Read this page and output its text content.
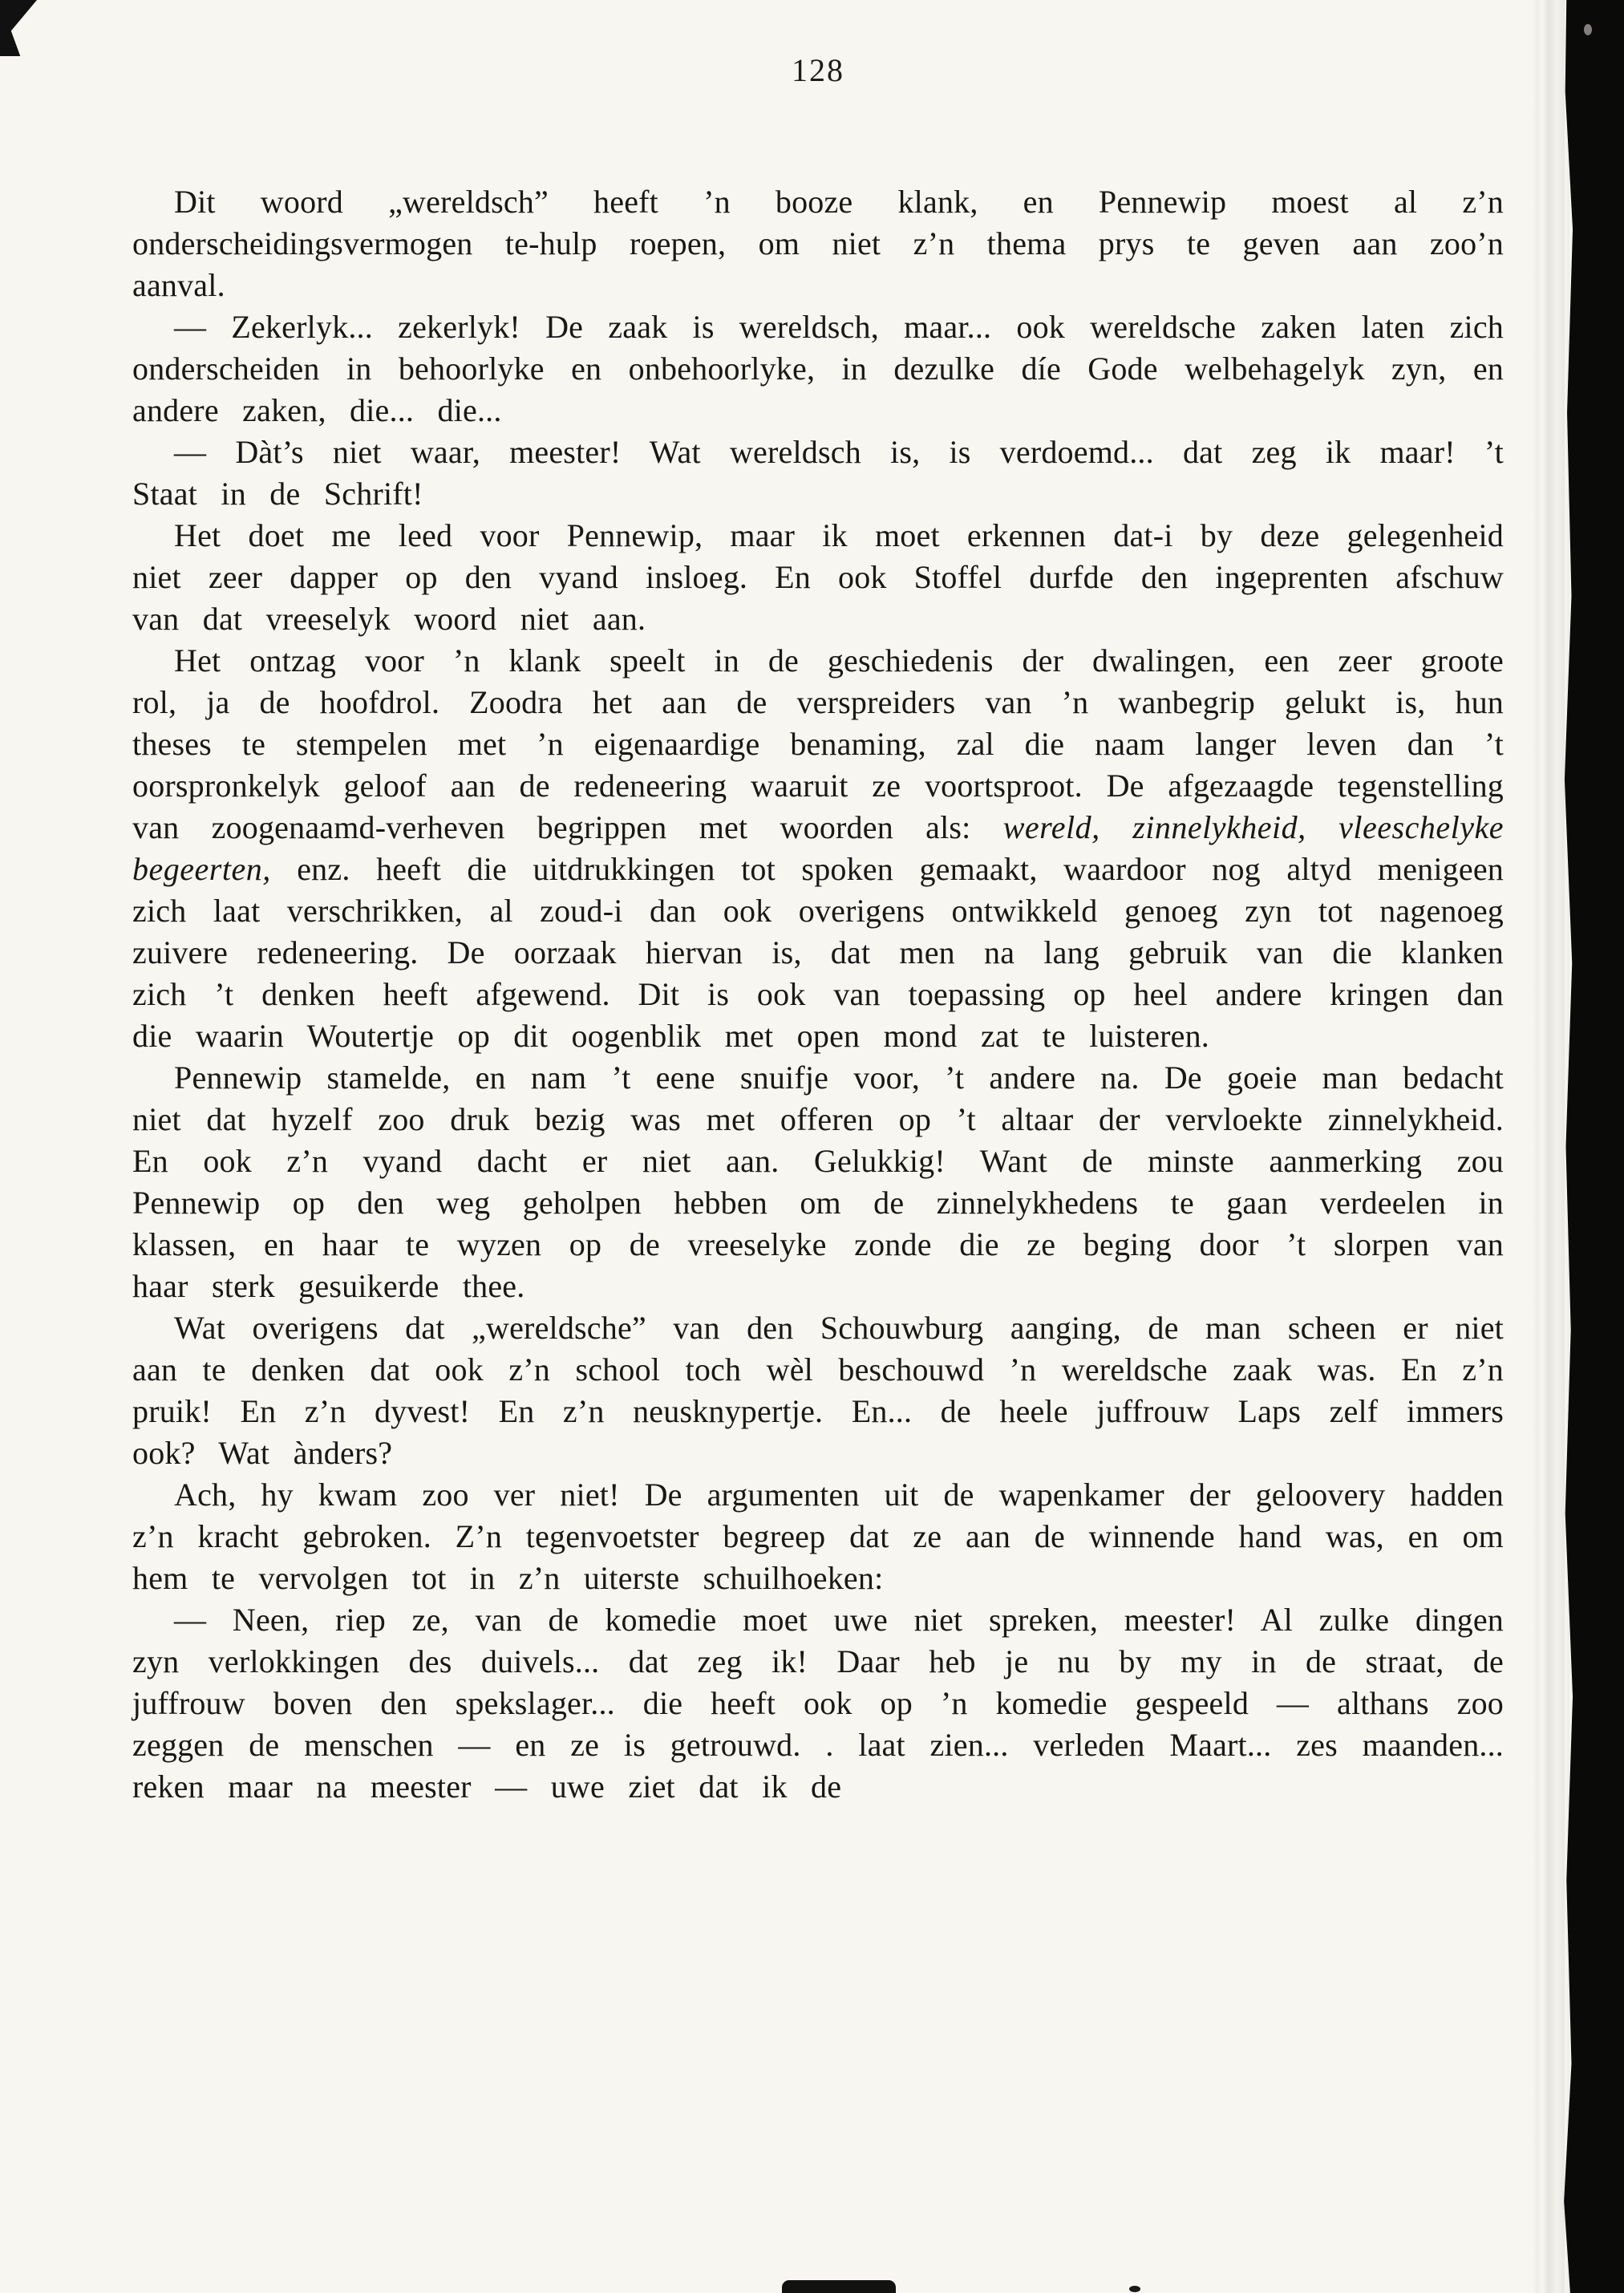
128

Dit woord „wereldsch” heeft ’n booze klank, en Pennewip moest al z’n onderscheidingsvermogen te-hulp roepen, om niet z’n thema prys te geven aan zoo’n aanval.

— Zekerlyk... zekerlyk! De zaak is wereldsch, maar... ook wereldsche zaken laten zich onderscheiden in behoorlyke en onbehoorlyke, in dezulke díe Gode welbehagelyk zyn, en andere zaken, die... die...

— Dàt’s niet waar, meester! Wat wereldsch is, is verdoemd... dat zeg ik maar! ’t Staat in de Schrift!

Het doet me leed voor Pennewip, maar ik moet erkennen dat-i by deze gelegenheid niet zeer dapper op den vyand insloeg. En ook Stoffel durfde den ingeprenten afschuw van dat vreeselyk woord niet aan.

Het ontzag voor ’n klank speelt in de geschiedenis der dwalingen, een zeer groote rol, ja de hoofdrol. Zoodra het aan de verspreiders van ’n wanbegrip gelukt is, hun theses te stempelen met ’n eigenaardige benaming, zal die naam langer leven dan ’t oorspronkelyk geloof aan de redeneering waaruit ze voortsproot. De afgezaagde tegenstelling van zoogenaamd-verheven begrippen met woorden als: wereld, zinnelykheid, vleeschelyke begeerten, enz. heeft die uitdrukkingen tot spoken gemaakt, waardoor nog altyd menigeen zich laat verschrikken, al zoud-i dan ook overigens ontwikkeld genoeg zyn tot nagenoeg zuivere redeneering. De oorzaak hiervan is, dat men na lang gebruik van die klanken zich ’t denken heeft afgewend. Dit is ook van toepassing op heel andere kringen dan die waarin Woutertje op dit oogenblik met open mond zat te luisteren.

Pennewip stamelde, en nam ’t eene snuifje voor, ’t andere na. De goeie man bedacht niet dat hyzelf zoo druk bezig was met offeren op ’t altaar der vervloekte zinnelykheid. En ook z’n vyand dacht er niet aan. Gelukkig! Want de minste aanmerking zou Pennewip op den weg geholpen hebben om de zinnelykhedens te gaan verdeelen in klassen, en haar te wyzen op de vreeselyke zonde die ze beging door ’t slorpen van haar sterk gesuikerde thee.

Wat overigens dat „wereldsche” van den Schouwburg aanging, de man scheen er niet aan te denken dat ook z’n school toch wèl beschouwd ’n wereldsche zaak was. En z’n pruik! En z’n dyvest! En z’n neusknypertje. En... de heele juffrouw Laps zelf immers ook? Wat ànders?

Ach, hy kwam zoo ver niet! De argumenten uit de wapenkamer der geloovery hadden z’n kracht gebroken. Z’n tegenvoetster begreep dat ze aan de winnende hand was, en om hem te vervolgen tot in z’n uiterste schuilhoeken:

— Neen, riep ze, van de komedie moet uwe niet spreken, meester! Al zulke dingen zyn verlokkingen des duivels... dat zeg ik! Daar heb je nu by my in de straat, de juffrouw boven den spekslager... die heeft ook op ’n komedie gespeeld — althans zoo zeggen de menschen — en ze is getrouwd. . laat zien... verleden Maart... zes maanden... reken maar na meester — uwe ziet dat ik de
